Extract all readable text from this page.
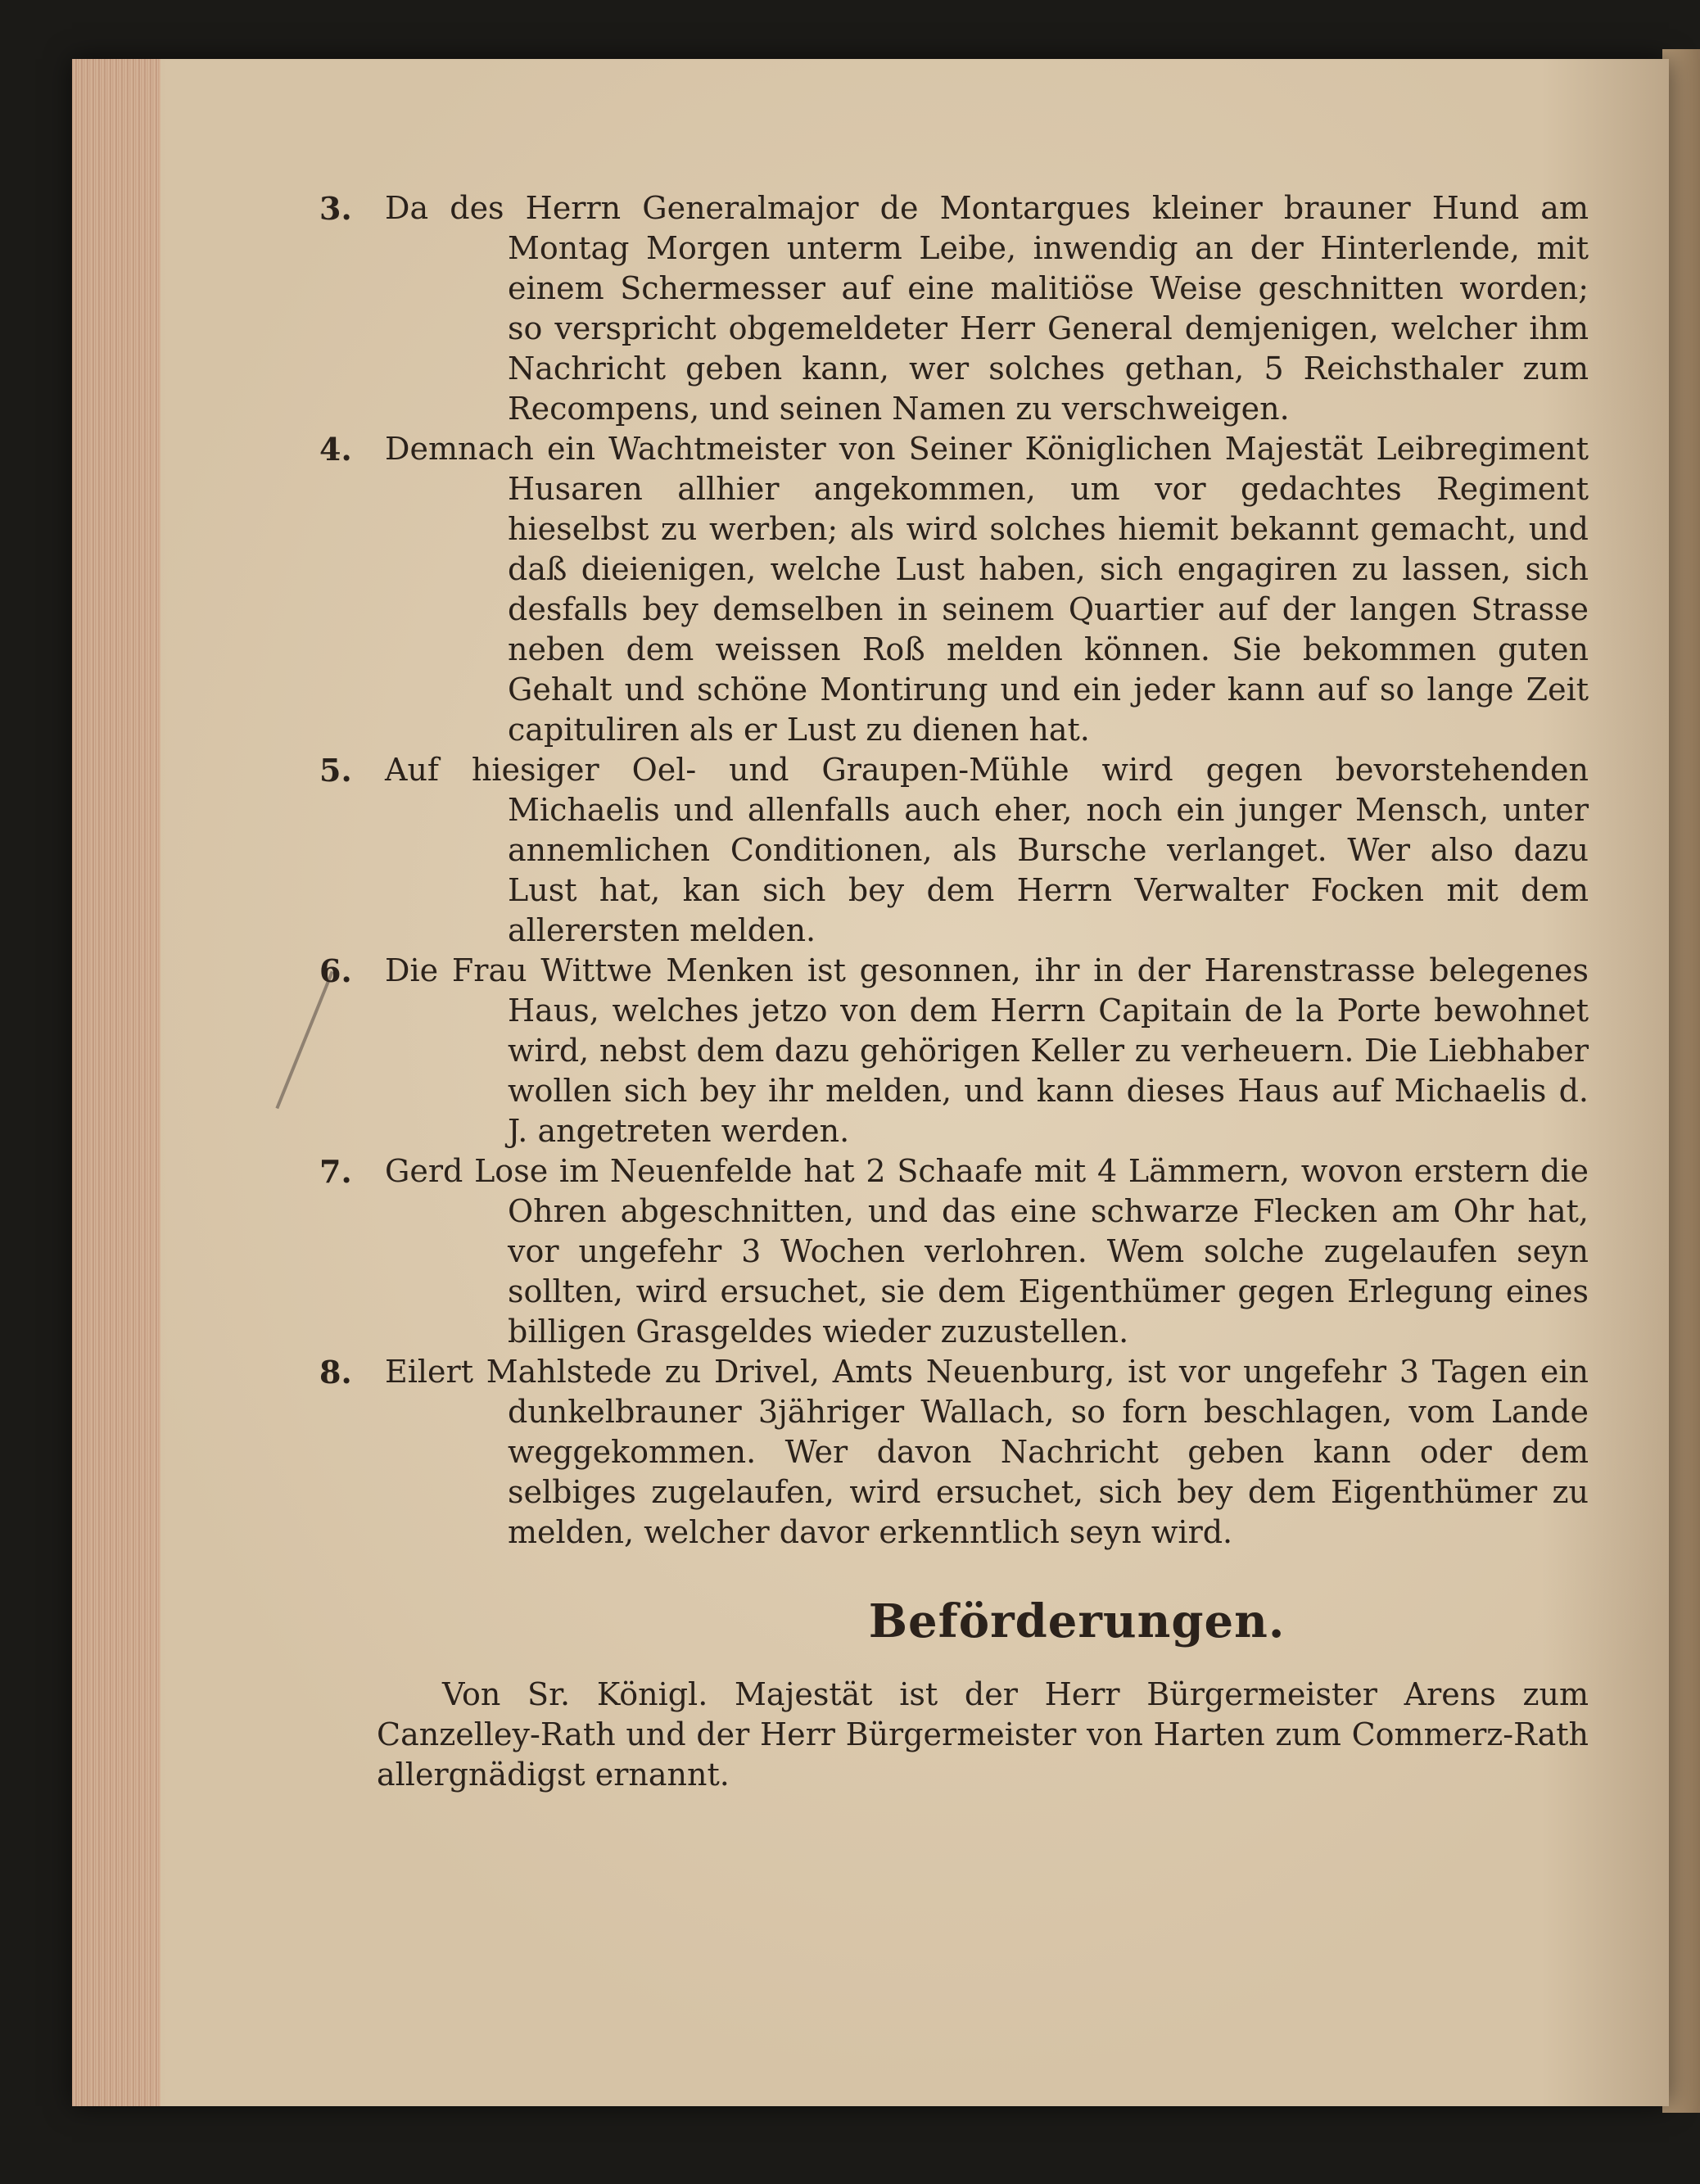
3. Da des Herrn Generalmajor de Montargues kleiner brauner Hund am Montag Morgen unterm Leibe, inwendig an der Hinterlende, mit einem Schermesser auf eine malitiöse Weise geschnitten worden; so verspricht obgemeldeter Herr General demjenigen, welcher ihm Nachricht geben kann, wer solches gethan, 5 Reichsthaler zum Recompens, und seinen Namen zu verschweigen.

4. Demnach ein Wachtmeister von Seiner Königlichen Majestät Leibregiment Husaren allhier angekommen, um vor gedachtes Regiment hieselbst zu werben; als wird solches hiemit bekannt gemacht, und daß dieienigen, welche Lust haben, sich engagiren zu lassen, sich desfalls bey demselben in seinem Quartier auf der langen Strasse neben dem weissen Roß melden können. Sie bekommen guten Gehalt und schöne Montirung und ein jeder kann auf so lange Zeit capituliren als er Lust zu dienen hat.

5. Auf hiesiger Oel- und Graupen-Mühle wird gegen bevorstehenden Michaelis und allenfalls auch eher, noch ein junger Mensch, unter annemlichen Conditionen, als Bursche verlanget. Wer also dazu Lust hat, kan sich bey dem Herrn Verwalter Focken mit dem allerersten melden.

6. Die Frau Wittwe Menken ist gesonnen, ihr in der Harenstrasse belegenes Haus, welches jetzo von dem Herrn Capitain de la Porte bewohnet wird, nebst dem dazu gehörigen Keller zu verheuern. Die Liebhaber wollen sich bey ihr melden, und kann dieses Haus auf Michaelis d. J. angetreten werden.

7. Gerd Lose im Neuenfelde hat 2 Schaafe mit 4 Lämmern, wovon erstern die Ohren abgeschnitten, und das eine schwarze Flecken am Ohr hat, vor ungefehr 3 Wochen verlohren. Wem solche zugelaufen seyn sollten, wird ersuchet, sie dem Eigenthümer gegen Erlegung eines billigen Grasgeldes wieder zuzustellen.

8. Eilert Mahlstede zu Drivel, Amts Neuenburg, ist vor ungefehr 3 Tagen ein dunkelbrauner 3jähriger Wallach, so forn beschlagen, vom Lande weggekommen. Wer davon Nachricht geben kann oder dem selbiges zugelaufen, wird ersuchet, sich bey dem Eigenthümer zu melden, welcher davor erkenntlich seyn wird.

Beförderungen.

Von Sr. Königl. Majestät ist der Herr Bürgermeister Arens zum Canzelley-Rath und der Herr Bürgermeister von Harten zum Commerz-Rath allergnädigst ernannt.
